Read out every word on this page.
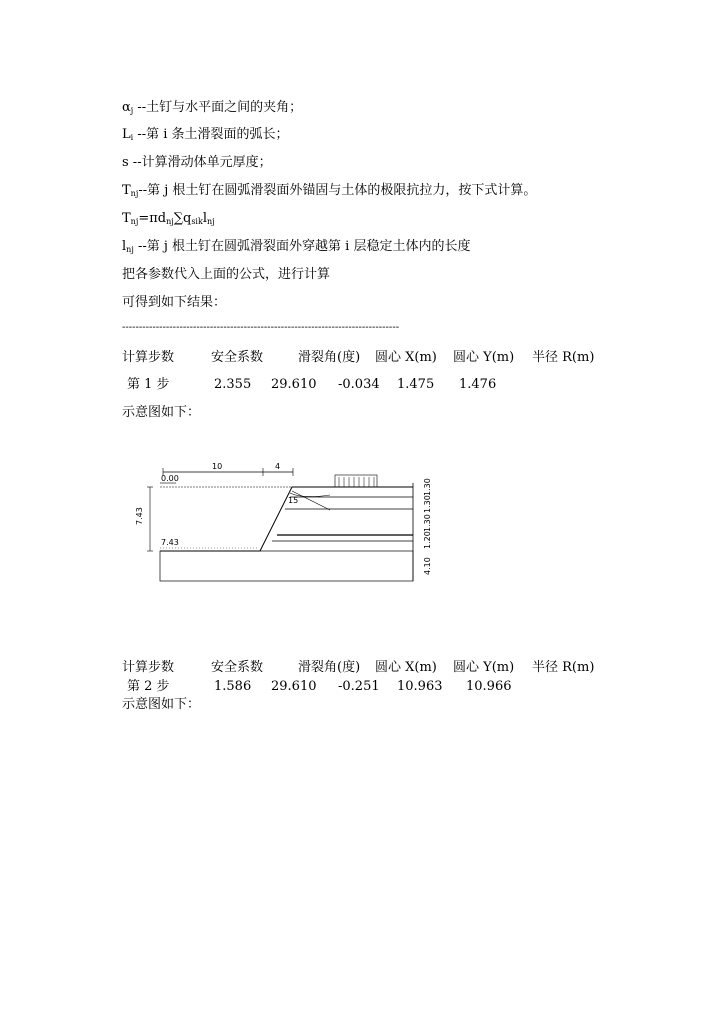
$\alpha_j$ --土钉与水平面之间的夹角；
$L_i$ --第 i 条土滑裂面的弧长；
s --计算滑动体单元厚度；
$T_{nj}--$第 j 根土钉在圆弧滑裂面外锚固与土体的极限抗拉力，按下式计算。
$T_{nj}=\pi d_{nj}\sum q_{sik}l_{nj}$
$l_{nj}$ --第 j 根土钉在圆弧滑裂面外穿越第 i 层稳定土体内的长度
把各参数代入上面的公式，进行计算
可得到如下结果：
----------------------------------------------------------------------------------
计算步数	安全系数	滑裂角(度) 圆心 X(m) 圆心 Y(m) 半径 R(m)
第 1 步	2.355 29.610 -0.034 1.475 1.476
示意图如下：
10	4
0.00
7.43
7.43
15
1.30
1.30
1.30
1.20
4.10
计算步数	安全系数	滑裂角(度) 圆心 X(m) 圆心 Y(m) 半径 R(m)
第 2 步	1.586 29.610 -0.251 10.963 10.966
示意图如下：
